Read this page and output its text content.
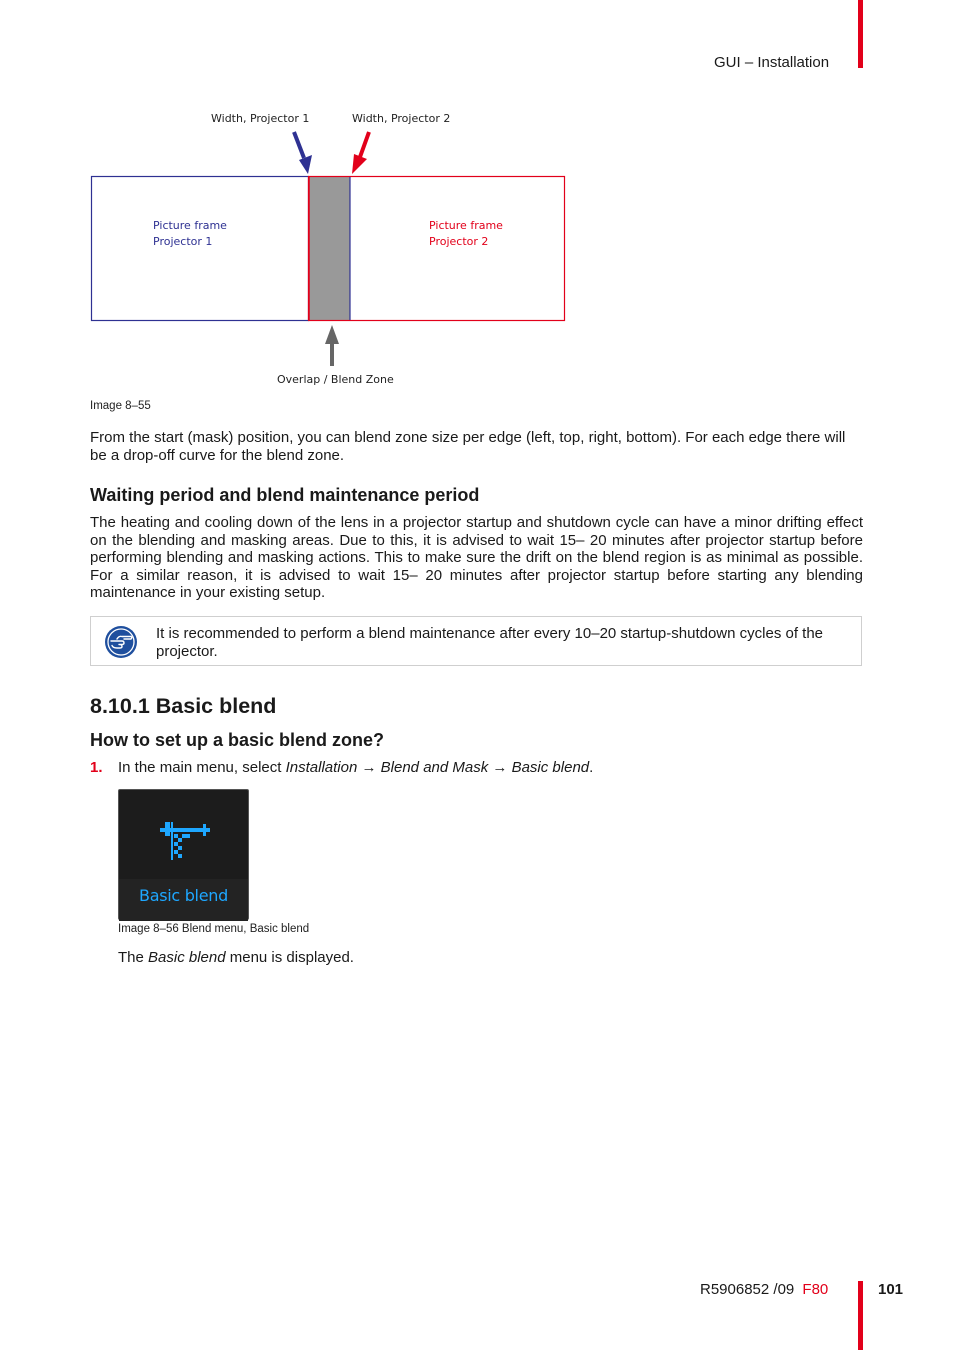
GUI – Installation
Width, Projector 1	Width, Projector 2
Picture frame
Projector 1
Picture frame
Projector 2
Overlap / Blend Zone
Image 8–55
From the start (mask) position, you can blend zone size per edge (left, top, right, bottom). For each edge there will be a drop-off curve for the blend zone.
Waiting period and blend maintenance period
The heating and cooling down of the lens in a projector startup and shutdown cycle can have a minor drifting effect on the blending and masking areas. Due to this, it is advised to wait 15– 20 minutes after projector startup before performing blending and masking actions. This to make sure the drift on the blend region is as minimal as possible. For a similar reason, it is advised to wait 15– 20 minutes after projector startup before starting any blending maintenance in your existing setup.
It is recommended to perform a blend maintenance after every 10–20 startup-shutdown cycles of the projector.
8.10.1 Basic blend
How to set up a basic blend zone?
1. In the main menu, select Installation → Blend and Mask → Basic blend.
Basic blend
Image 8–56 Blend menu, Basic blend
The Basic blend menu is displayed.
R5906852 /09 F80	101
